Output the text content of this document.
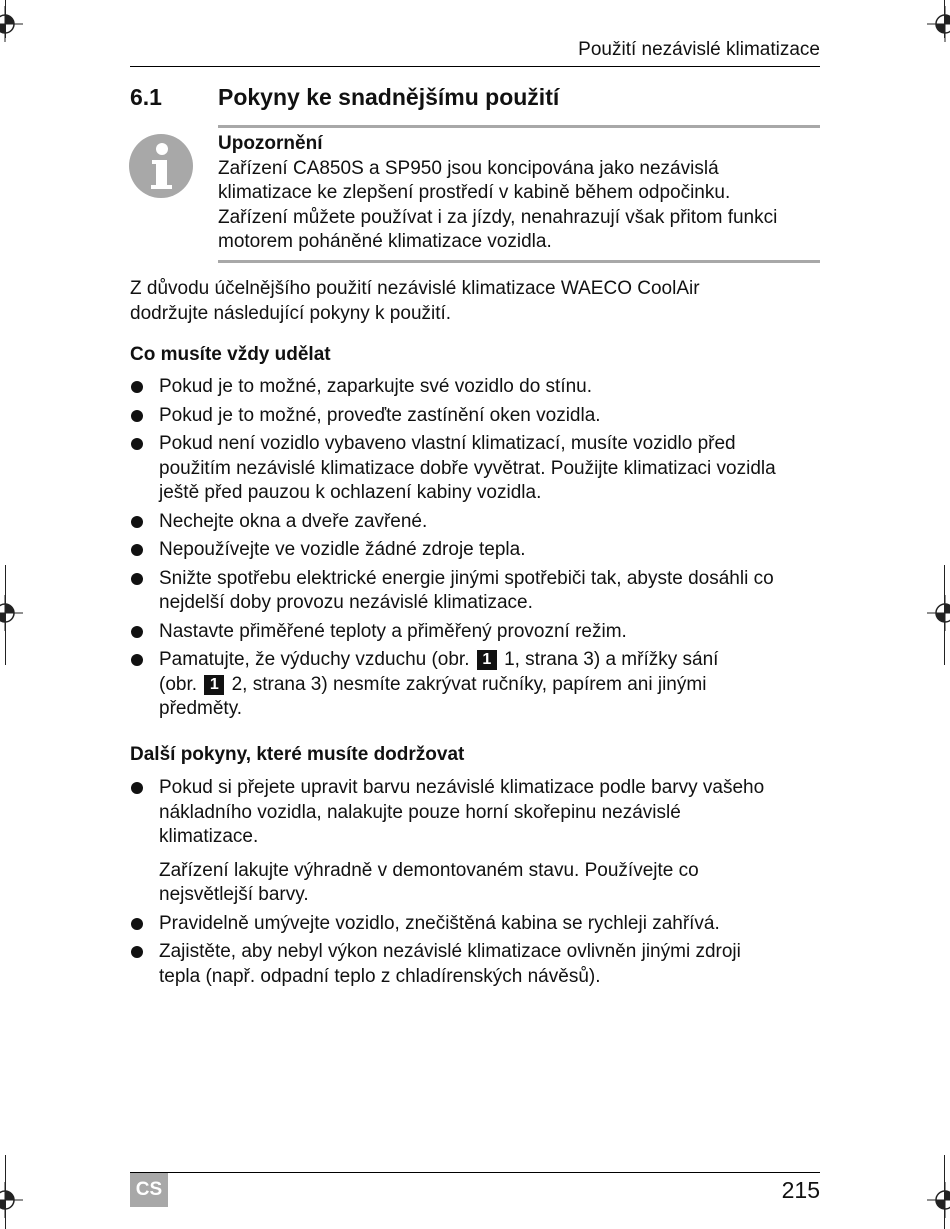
Použití nezávislé klimatizace
6.1 Pokyny ke snadnějšímu použití
Upozornění
Zařízení CA850S a SP950 jsou koncipována jako nezávislá
klimatizace ke zlepšení prostředí v kabině během odpočinku.
Zařízení můžete používat i za jízdy, nenahrazují však přitom funkci
motorem poháněné klimatizace vozidla.
Z důvodu účelnějšího použití nezávislé klimatizace WAECO CoolAir
dodržujte následující pokyny k použití.
Co musíte vždy udělat
Pokud je to možné, zaparkujte své vozidlo do stínu.
Pokud je to možné, proveďte zastínění oken vozidla.
Pokud není vozidlo vybaveno vlastní klimatizací, musíte vozidlo před
použitím nezávislé klimatizace dobře vyvětrat. Použijte klimatizaci vozidla
ještě před pauzou k ochlazení kabiny vozidla.
Nechejte okna a dveře zavřené.
Nepoužívejte ve vozidle žádné zdroje tepla.
Snižte spotřebu elektrické energie jinými spotřebiči tak, abyste dosáhli co
nejdelší doby provozu nezávislé klimatizace.
Nastavte přiměřené teploty a přiměřený provozní režim.
Pamatujte, že výduchy vzduchu (obr. 1 1, strana 3) a mřížky sání
(obr. 1 2, strana 3) nesmíte zakrývat ručníky, papírem ani jinými
předměty.
Další pokyny, které musíte dodržovat
Pokud si přejete upravit barvu nezávislé klimatizace podle barvy vašeho
nákladního vozidla, nalakujte pouze horní skořepinu nezávislé
klimatizace.
Zařízení lakujte výhradně v demontovaném stavu. Používejte co
nejsvětlejší barvy.
Pravidelně umývejte vozidlo, znečištěná kabina se rychleji zahřívá.
Zajistěte, aby nebyl výkon nezávislé klimatizace ovlivněn jinými zdroji
tepla (např. odpadní teplo z chladírenských návěsů).
CS	215
